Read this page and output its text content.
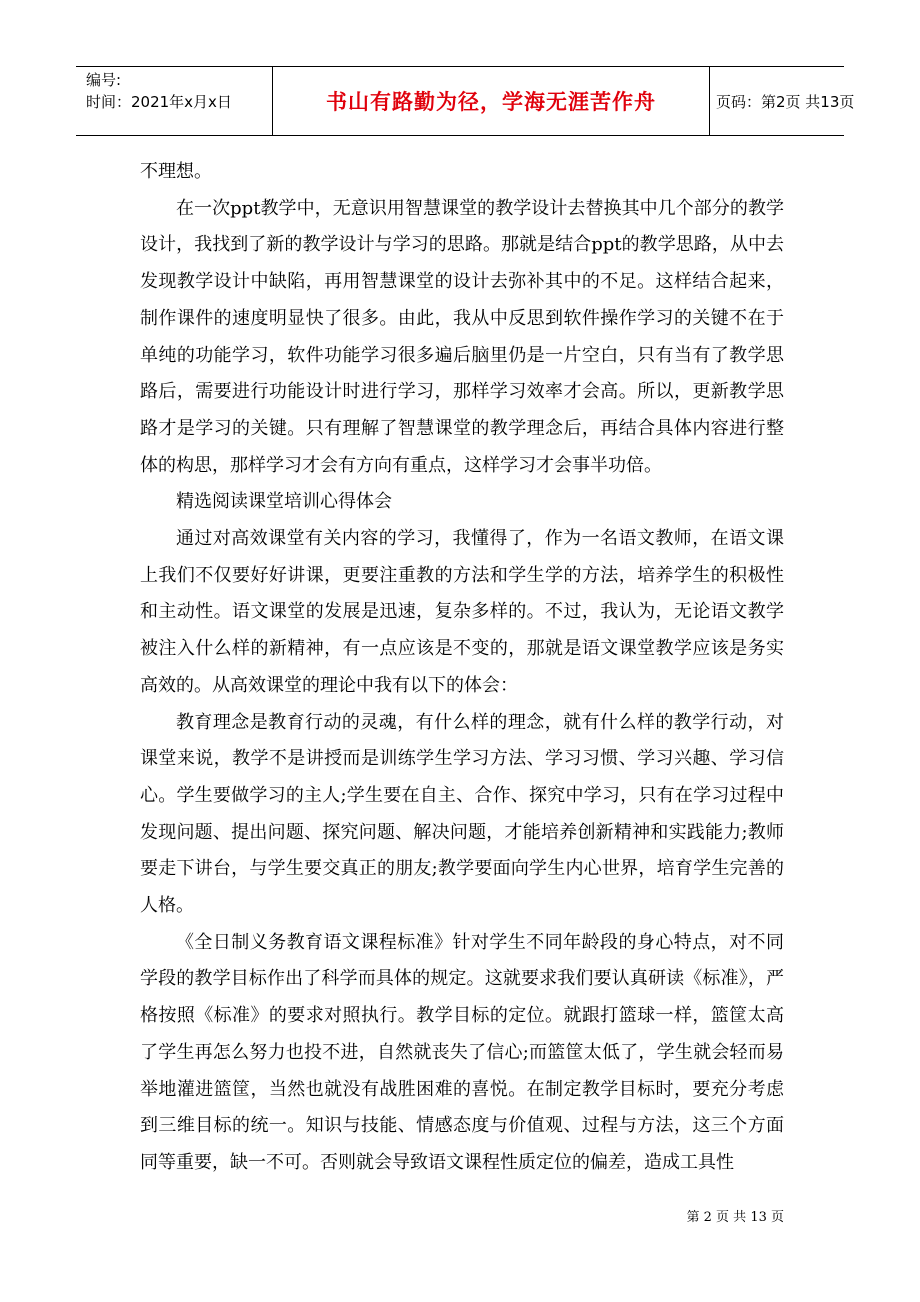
编号:
时间：2021年x月x日	书山有路勤为径，学海无涯苦作舟	页码：第2页 共13页

不理想。

在一次ppt教学中，无意识用智慧课堂的教学设计去替换其中几个部分的教学设计，我找到了新的教学设计与学习的思路。那就是结合ppt的教学思路，从中去发现教学设计中缺陷，再用智慧课堂的设计去弥补其中的不足。这样结合起来，制作课件的速度明显快了很多。由此，我从中反思到软件操作学习的关键不在于单纯的功能学习，软件功能学习很多遍后脑里仍是一片空白，只有当有了教学思路后，需要进行功能设计时进行学习，那样学习效率才会高。所以，更新教学思路才是学习的关键。只有理解了智慧课堂的教学理念后，再结合具体内容进行整体的构思，那样学习才会有方向有重点，这样学习才会事半功倍。

精选阅读课堂培训心得体会

通过对高效课堂有关内容的学习，我懂得了，作为一名语文教师，在语文课上我们不仅要好好讲课，更要注重教的方法和学生学的方法，培养学生的积极性和主动性。语文课堂的发展是迅速，复杂多样的。不过，我认为，无论语文教学被注入什么样的新精神，有一点应该是不变的，那就是语文课堂教学应该是务实高效的。从高效课堂的理论中我有以下的体会：

教育理念是教育行动的灵魂，有什么样的理念，就有什么样的教学行动，对课堂来说，教学不是讲授而是训练学生学习方法、学习习惯、学习兴趣、学习信心。学生要做学习的主人;学生要在自主、合作、探究中学习，只有在学习过程中发现问题、提出问题、探究问题、解决问题，才能培养创新精神和实践能力;教师要走下讲台，与学生要交真正的朋友;教学要面向学生内心世界，培育学生完善的人格。

《全日制义务教育语文课程标准》针对学生不同年龄段的身心特点，对不同学段的教学目标作出了科学而具体的规定。这就要求我们要认真研读《标准》，严格按照《标准》的要求对照执行。教学目标的定位。就跟打篮球一样，篮筐太高了学生再怎么努力也投不进，自然就丧失了信心;而篮筐太低了，学生就会轻而易举地灌进篮筐，当然也就没有战胜困难的喜悦。在制定教学目标时，要充分考虑到三维目标的统一。知识与技能、情感态度与价值观、过程与方法，这三个方面同等重要，缺一不可。否则就会导致语文课程性质定位的偏差，造成工具性

第 2 页 共 13 页
